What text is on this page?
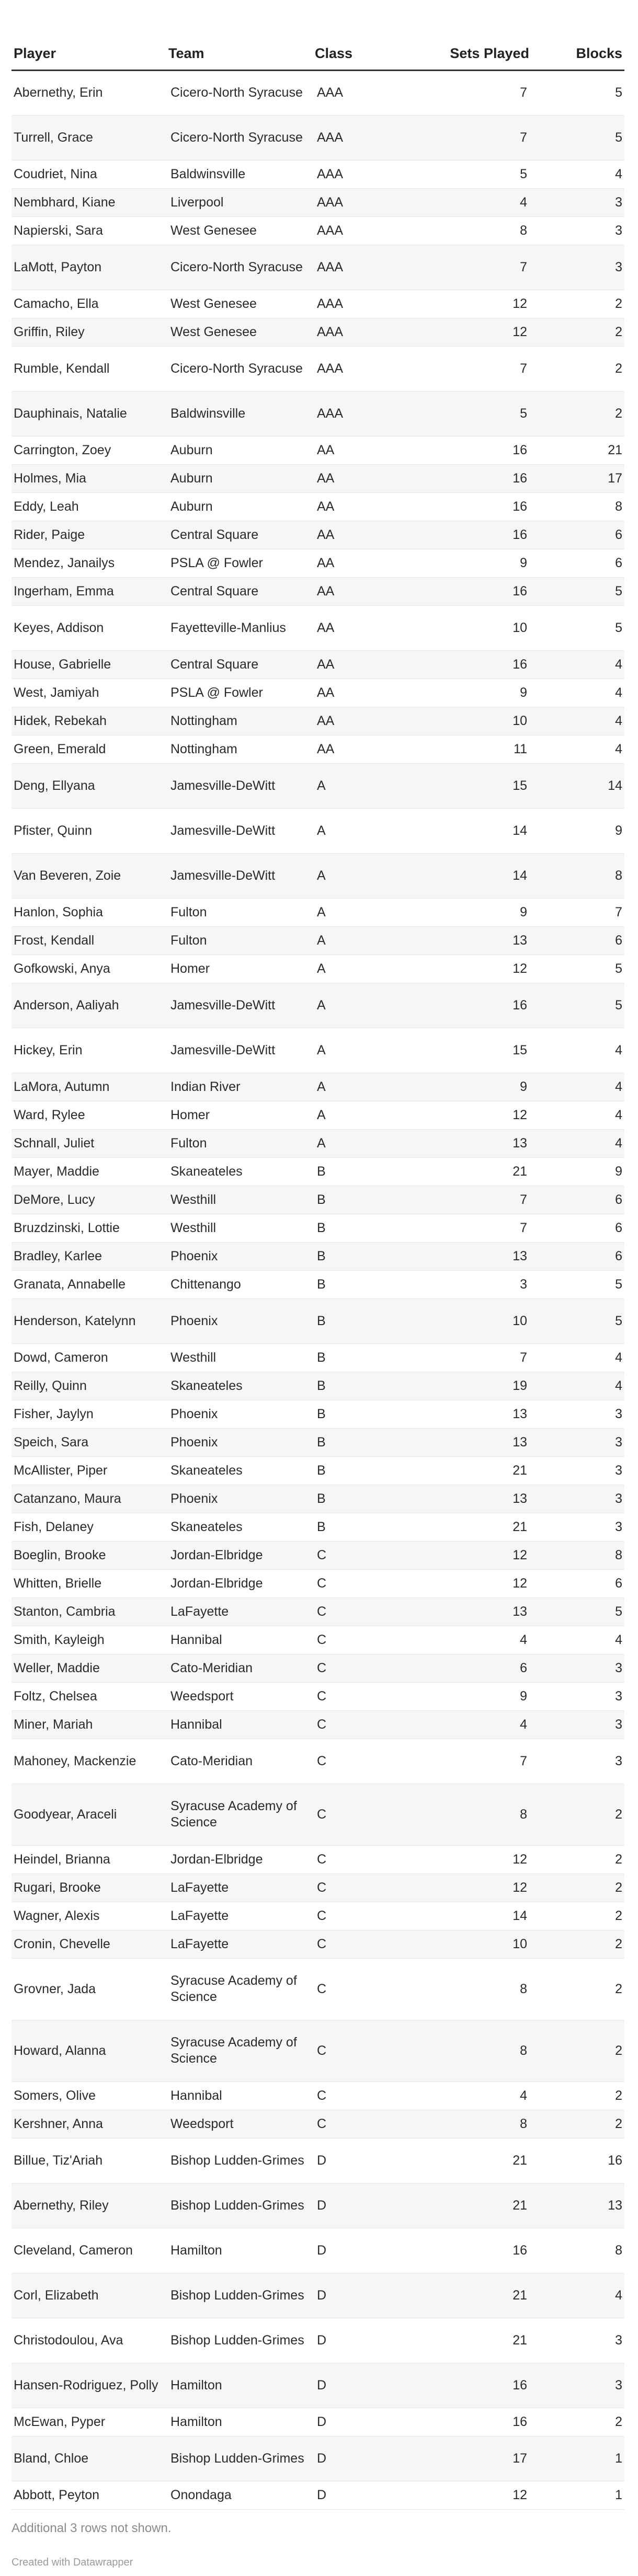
Player	Team	Class	Sets Played	Blocks
Abernethy, Erin	Cicero-North Syracuse	AAA	7	5
Turrell, Grace	Cicero-North Syracuse	AAA	7	5
Coudriet, Nina	Baldwinsville	AAA	5	4
Nembhard, Kiane	Liverpool	AAA	4	3
Napierski, Sara	West Genesee	AAA	8	3
LaMott, Payton	Cicero-North Syracuse	AAA	7	3
Camacho, Ella	West Genesee	AAA	12	2
Griffin, Riley	West Genesee	AAA	12	2
Rumble, Kendall	Cicero-North Syracuse	AAA	7	2
Dauphinais, Natalie	Baldwinsville	AAA	5	2
Carrington, Zoey	Auburn	AA	16	21
Holmes, Mia	Auburn	AA	16	17
Eddy, Leah	Auburn	AA	16	8
Rider, Paige	Central Square	AA	16	6
Mendez, Janailys	PSLA @ Fowler	AA	9	6
Ingerham, Emma	Central Square	AA	16	5
Keyes, Addison	Fayetteville-Manlius	AA	10	5
House, Gabrielle	Central Square	AA	16	4
West, Jamiyah	PSLA @ Fowler	AA	9	4
Hidek, Rebekah	Nottingham	AA	10	4
Green, Emerald	Nottingham	AA	11	4
Deng, Ellyana	Jamesville-DeWitt	A	15	14
Pfister, Quinn	Jamesville-DeWitt	A	14	9
Van Beveren, Zoie	Jamesville-DeWitt	A	14	8
Hanlon, Sophia	Fulton	A	9	7
Frost, Kendall	Fulton	A	13	6
Gofkowski, Anya	Homer	A	12	5
Anderson, Aaliyah	Jamesville-DeWitt	A	16	5
Hickey, Erin	Jamesville-DeWitt	A	15	4
LaMora, Autumn	Indian River	A	9	4
Ward, Rylee	Homer	A	12	4
Schnall, Juliet	Fulton	A	13	4
Mayer, Maddie	Skaneateles	B	21	9
DeMore, Lucy	Westhill	B	7	6
Bruzdzinski, Lottie	Westhill	B	7	6
Bradley, Karlee	Phoenix	B	13	6
Granata, Annabelle	Chittenango	B	3	5
Henderson, Katelynn	Phoenix	B	10	5
Dowd, Cameron	Westhill	B	7	4
Reilly, Quinn	Skaneateles	B	19	4
Fisher, Jaylyn	Phoenix	B	13	3
Speich, Sara	Phoenix	B	13	3
McAllister, Piper	Skaneateles	B	21	3
Catanzano, Maura	Phoenix	B	13	3
Fish, Delaney	Skaneateles	B	21	3
Boeglin, Brooke	Jordan-Elbridge	C	12	8
Whitten, Brielle	Jordan-Elbridge	C	12	6
Stanton, Cambria	LaFayette	C	13	5
Smith, Kayleigh	Hannibal	C	4	4
Weller, Maddie	Cato-Meridian	C	6	3
Foltz, Chelsea	Weedsport	C	9	3
Miner, Mariah	Hannibal	C	4	3
Mahoney, Mackenzie	Cato-Meridian	C	7	3
Goodyear, Araceli	Syracuse Academy of Science	C	8	2
Heindel, Brianna	Jordan-Elbridge	C	12	2
Rugari, Brooke	LaFayette	C	12	2
Wagner, Alexis	LaFayette	C	14	2
Cronin, Chevelle	LaFayette	C	10	2
Grovner, Jada	Syracuse Academy of Science	C	8	2
Howard, Alanna	Syracuse Academy of Science	C	8	2
Somers, Olive	Hannibal	C	4	2
Kershner, Anna	Weedsport	C	8	2
Billue, Tiz'Ariah	Bishop Ludden-Grimes	D	21	16
Abernethy, Riley	Bishop Ludden-Grimes	D	21	13
Cleveland, Cameron	Hamilton	D	16	8
Corl, Elizabeth	Bishop Ludden-Grimes	D	21	4
Christodoulou, Ava	Bishop Ludden-Grimes	D	21	3
Hansen-Rodriguez, Polly	Hamilton	D	16	3
McEwan, Pyper	Hamilton	D	16	2
Bland, Chloe	Bishop Ludden-Grimes	D	17	1
Abbott, Peyton	Onondaga	D	12	1
Additional 3 rows not shown.
Created with Datawrapper
